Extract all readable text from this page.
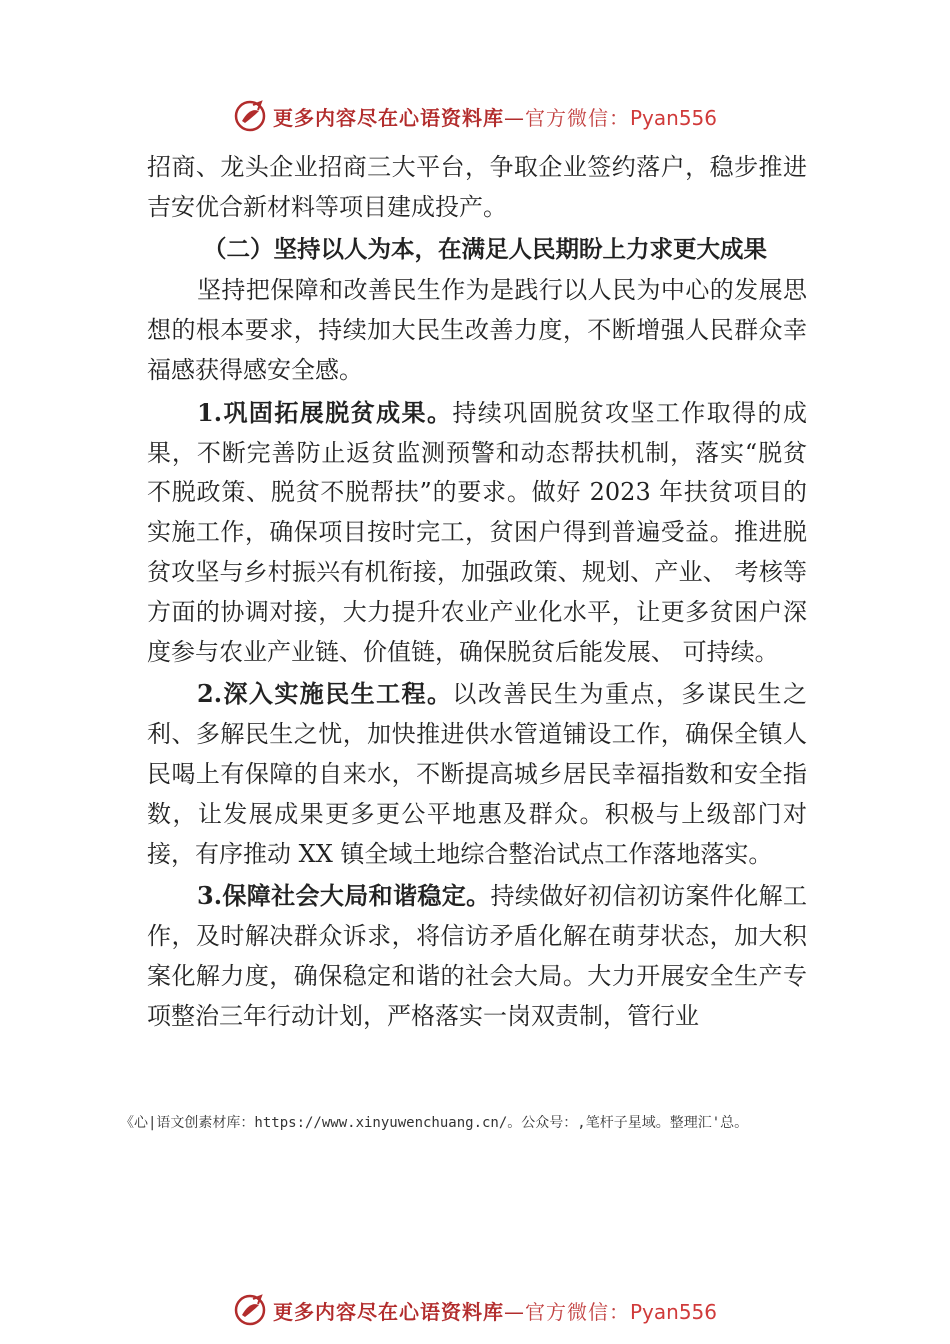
更多内容尽在心语资料库—官方微信：Pyan556

招商、龙头企业招商三大平台，争取企业签约落户，稳步推进吉安优合新材料等项目建成投产。

（二）坚持以人为本，在满足人民期盼上力求更大成果

坚持把保障和改善民生作为是践行以人民为中心的发展思想的根本要求，持续加大民生改善力度，不断增强人民群众幸福感获得感安全感。

1.巩固拓展脱贫成果。持续巩固脱贫攻坚工作取得的成果，不断完善防止返贫监测预警和动态帮扶机制，落实“脱贫不脱政策、脱贫不脱帮扶”的要求。做好 2023 年扶贫项目的实施工作，确保项目按时完工，贫困户得到普遍受益。推进脱贫攻坚与乡村振兴有机衔接，加强政策、规划、产业、 考核等方面的协调对接，大力提升农业产业化水平，让更多贫困户深度参与农业产业链、价值链，确保脱贫后能发展、 可持续。

2.深入实施民生工程。以改善民生为重点，多谋民生之利、多解民生之忧，加快推进供水管道铺设工作，确保全镇人民喝上有保障的自来水，不断提高城乡居民幸福指数和安全指数，让发展成果更多更公平地惠及群众。积极与上级部门对接，有序推动 XX 镇全域土地综合整治试点工作落地落实。

3.保障社会大局和谐稳定。持续做好初信初访案件化解工作，及时解决群众诉求，将信访矛盾化解在萌芽状态，加大积案化解力度，确保稳定和谐的社会大局。大力开展安全生产专项整治三年行动计划，严格落实一岗双责制，管行业

《心|语文创素材库：https://www.xinyuwenchuang.cn/。公众号：,笔杆子星域。整理汇'总。
更多内容尽在心语资料库—官方微信：Pyan556
